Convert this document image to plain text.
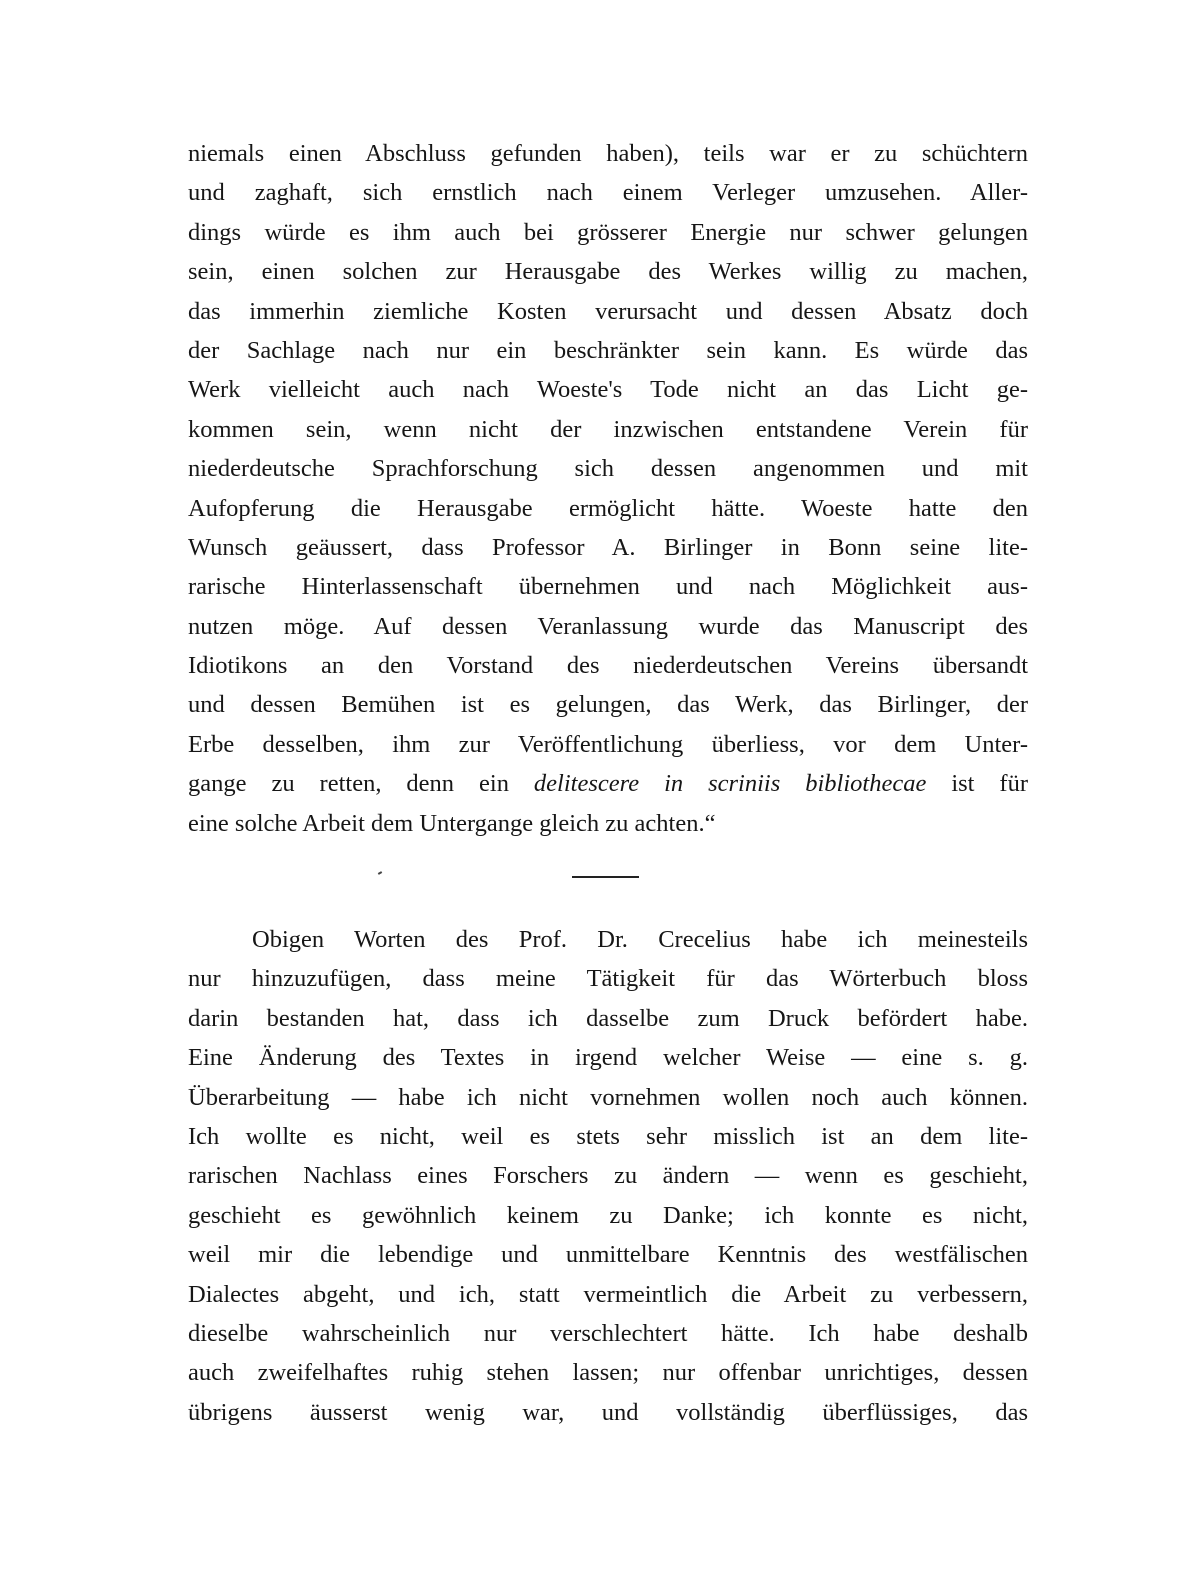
niemals einen Abschluss gefunden haben), teils war er zu schüchtern
und zaghaft, sich ernstlich nach einem Verleger umzusehen. Aller-
dings würde es ihm auch bei grösserer Energie nur schwer gelungen
sein, einen solchen zur Herausgabe des Werkes willig zu machen,
das immerhin ziemliche Kosten verursacht und dessen Absatz doch
der Sachlage nach nur ein beschränkter sein kann. Es würde das
Werk vielleicht auch nach Woeste's Tode nicht an das Licht ge-
kommen sein, wenn nicht der inzwischen entstandene Verein für
niederdeutsche Sprachforschung sich dessen angenommen und mit
Aufopferung die Herausgabe ermöglicht hätte. Woeste hatte den
Wunsch geäussert, dass Professor A. Birlinger in Bonn seine lite-
rarische Hinterlassenschaft übernehmen und nach Möglichkeit aus-
nutzen möge. Auf dessen Veranlassung wurde das Manuscript des
Idiotikons an den Vorstand des niederdeutschen Vereins übersandt
und dessen Bemühen ist es gelungen, das Werk, das Birlinger, der
Erbe desselben, ihm zur Veröffentlichung überliess, vor dem Unter-
gange zu retten, denn ein delitescere in scriniis bibliothecae ist für
eine solche Arbeit dem Untergange gleich zu achten.“
Obigen Worten des Prof. Dr. Crecelius habe ich meinesteils
nur hinzuzufügen, dass meine Tätigkeit für das Wörterbuch bloss
darin bestanden hat, dass ich dasselbe zum Druck befördert habe.
Eine Änderung des Textes in irgend welcher Weise — eine s. g.
Überarbeitung — habe ich nicht vornehmen wollen noch auch können.
Ich wollte es nicht, weil es stets sehr misslich ist an dem lite-
rarischen Nachlass eines Forschers zu ändern — wenn es geschieht,
geschieht es gewöhnlich keinem zu Danke; ich konnte es nicht,
weil mir die lebendige und unmittelbare Kenntnis des westfälischen
Dialectes abgeht, und ich, statt vermeintlich die Arbeit zu verbessern,
dieselbe wahrscheinlich nur verschlechtert hätte. Ich habe deshalb
auch zweifelhaftes ruhig stehen lassen; nur offenbar unrichtiges, dessen
übrigens äusserst wenig war, und vollständig überflüssiges, das
